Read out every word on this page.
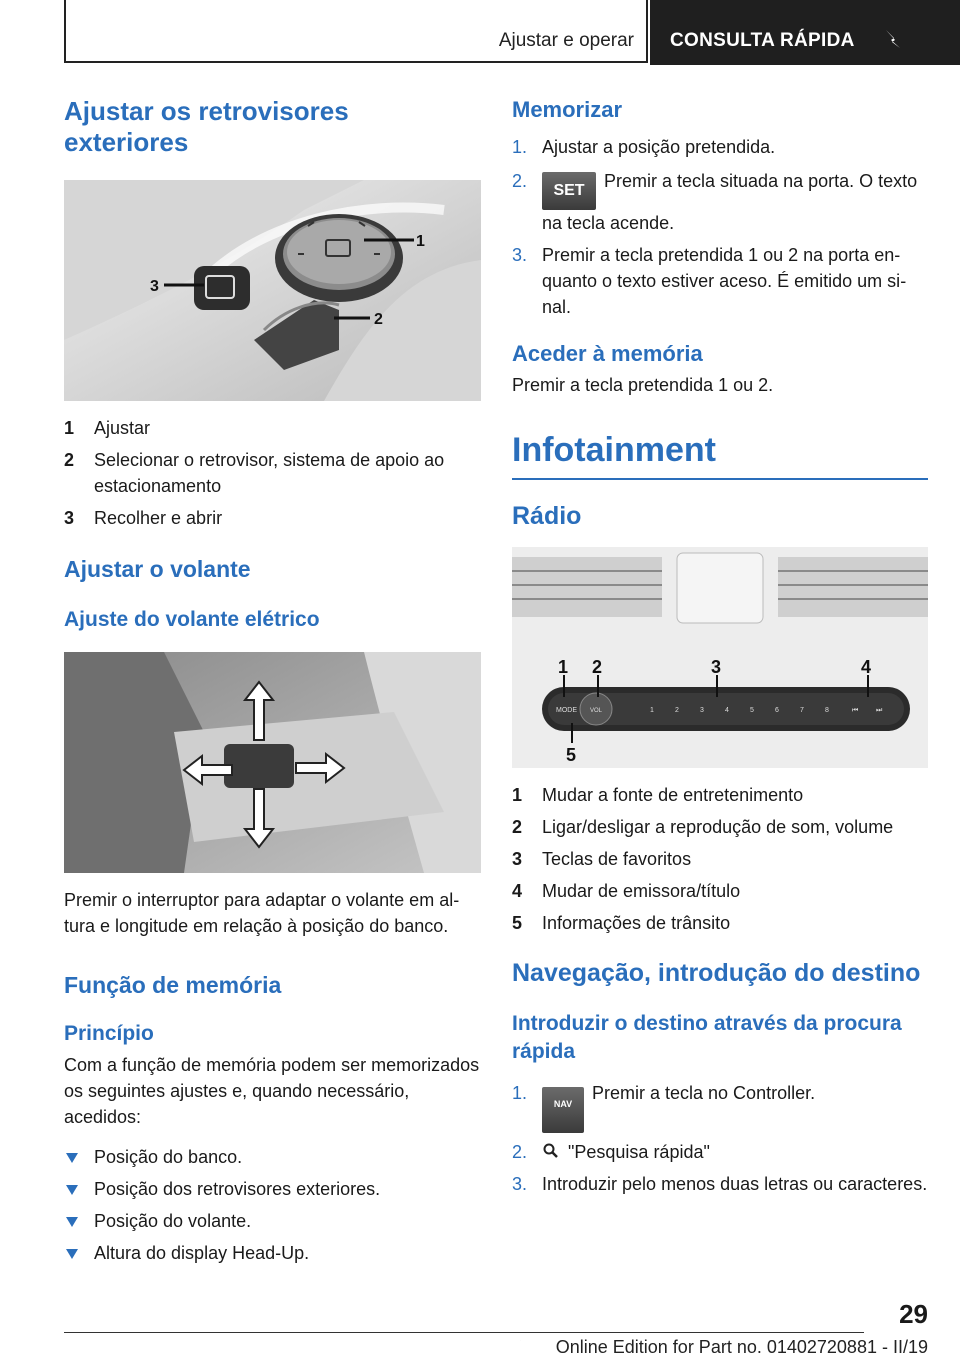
Ajustar e operar CONSULTA RÁPIDA
Ajustar os retrovisores exteriores
1
2
3
1 Ajustar
2 Selecionar o retrovisor, sistema de apoio ao estacionamento
3 Recolher e abrir
Ajustar o volante
Ajuste do volante elétrico

Premir o interruptor para adaptar o volante em altura e longitude em relação à posição do banco.

Função de memória
Princípio

Com a função de memória podem ser memorizados os seguintes ajustes e, quando necessário, acedidos:

Posição do banco.
Posição dos retrovisores exteriores.
Posição do volante.
Altura do display Head-Up.
Memorizar
1. Ajustar a posição pretendida.
2. SET Premir a tecla situada na porta. O texto na tecla acende.
3. Premir a tecla pretendida 1 ou 2 na porta enquanto o texto estiver aceso. É emitido um sinal.
Aceder à memória

Premir a tecla pretendida 1 ou 2.

Infotainment
Rádio
MODE VOL	1	2	3	4	5	6	7	8	⏮	⏭
1 2	3	4
5
1 Mudar a fonte de entretenimento
2 Ligar/desligar a reprodução de som, volume
3 Teclas de favoritos
4 Mudar de emissora/título
5 Informações de trânsito
Navegação, introdução do destino
Introduzir o destino através da procura rápida
1.
NAVPremir a tecla no Controller.
2. "Pesquisa rápida"
3. Introduzir pelo menos duas letras ou caracteres.
29
Online Edition for Part no. 01402720881 - II/19
